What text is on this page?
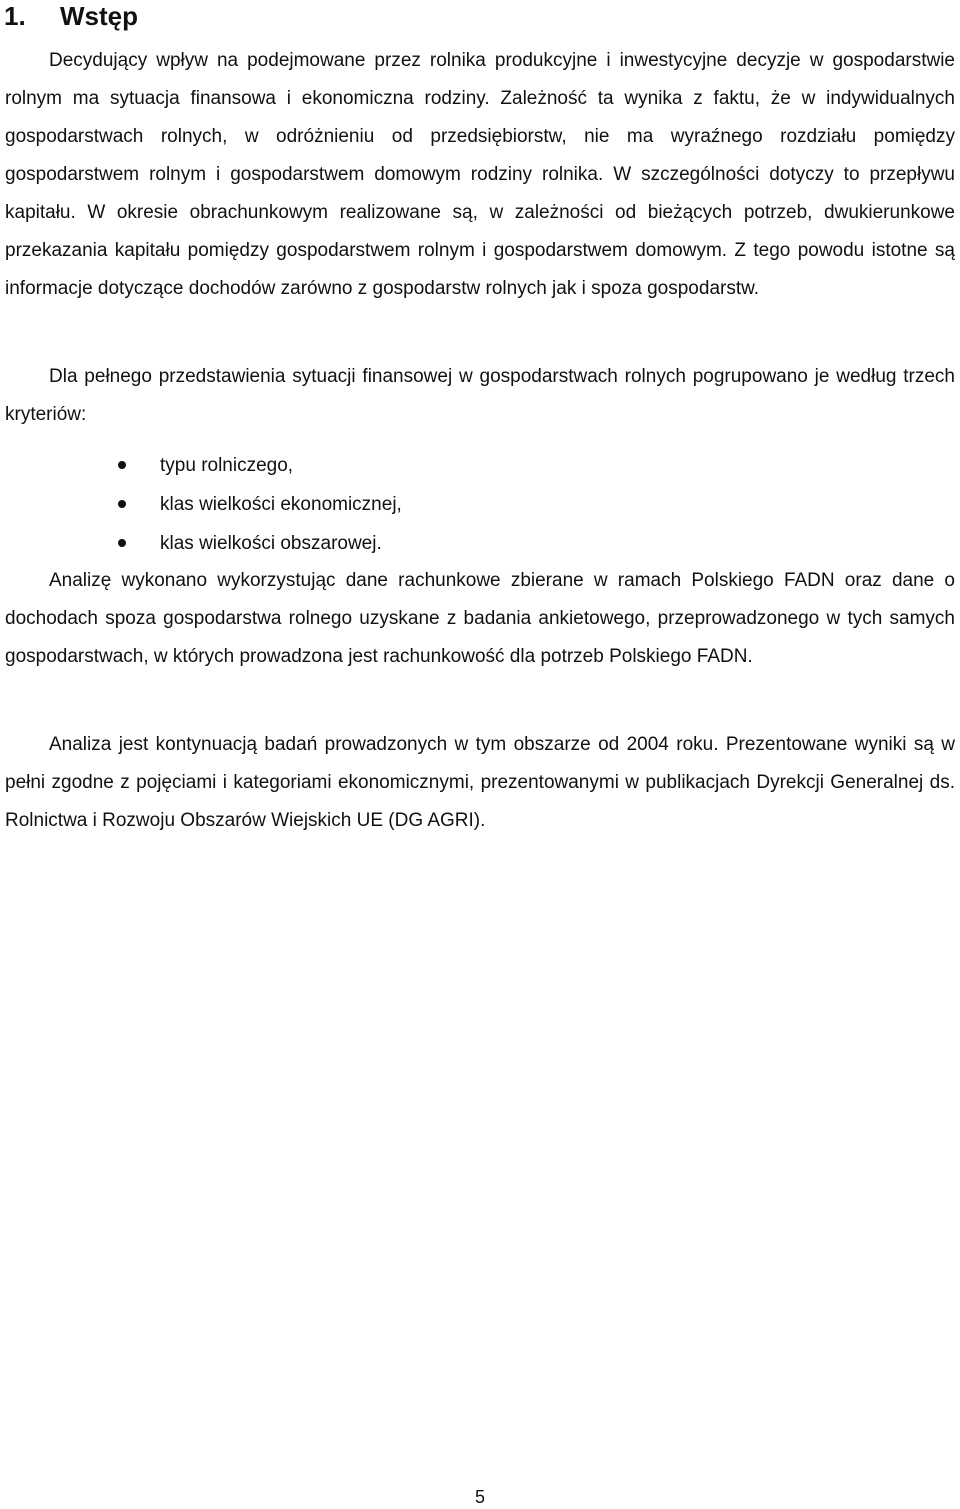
1. Wstęp

Decydujący wpływ na podejmowane przez rolnika produkcyjne i inwestycyjne decyzje w gospodarstwie rolnym ma sytuacja finansowa i ekonomiczna rodziny. Zależność ta wynika z faktu, że w indywidualnych gospodarstwach rolnych, w odróżnieniu od przedsiębiorstw, nie ma wyraźnego rozdziału pomiędzy gospodarstwem rolnym i gospodarstwem domowym rodziny rolnika. W szczególności dotyczy to przepływu kapitału. W okresie obrachunkowym realizowane są, w zależności od bieżących potrzeb, dwukierunkowe przekazania kapitału pomiędzy gospodarstwem rolnym i gospodarstwem domowym. Z tego powodu istotne są informacje dotyczące dochodów zarówno z gospodarstw rolnych jak i spoza gospodarstw.

Dla pełnego przedstawienia sytuacji finansowej w gospodarstwach rolnych pogrupowano je według trzech kryteriów:

typu rolniczego,
klas wielkości ekonomicznej,
klas wielkości obszarowej.

Analizę wykonano wykorzystując dane rachunkowe zbierane w ramach Polskiego FADN oraz dane o dochodach spoza gospodarstwa rolnego uzyskane z badania ankietowego, przeprowadzonego w tych samych gospodarstwach, w których prowadzona jest rachunkowość dla potrzeb Polskiego FADN.

Analiza jest kontynuacją badań prowadzonych w tym obszarze od 2004 roku. Prezentowane wyniki są w pełni zgodne z pojęciami i kategoriami ekonomicznymi, prezentowanymi w publikacjach Dyrekcji Generalnej ds. Rolnictwa i Rozwoju Obszarów Wiejskich UE (DG AGRI).

5
